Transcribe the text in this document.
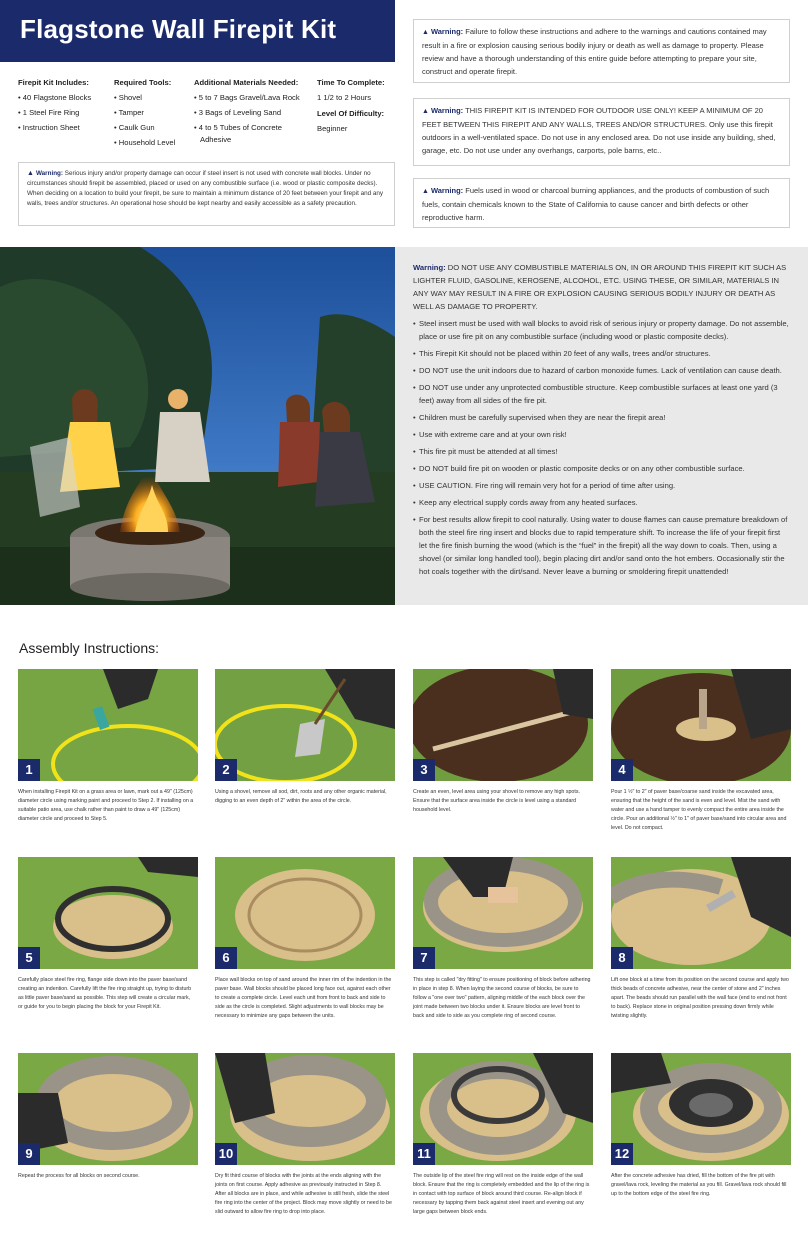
Flagstone Wall Firepit Kit
Firepit Kit Includes:
• 40 Flagstone Blocks
• 1 Steel Fire Ring
• Instruction Sheet
Required Tools:
• Shovel
• Tamper
• Caulk Gun
• Household Level
Additional Materials Needed:
• 5 to 7 Bags Gravel/Lava Rock
• 3 Bags of Leveling Sand
• 4 to 5 Tubes of Concrete
Adhesive
Time To Complete:
1 1/2 to 2 Hours
Level Of Difficulty:
Beginner
▲ Warning: Serious injury and/or property damage can occur if steel insert is not used with concrete wall blocks. Under no circumstances should firepit be assembled, placed or used on any combustible surface (i.e. wood or plastic composite decks). When deciding on a location to build your firepit, be sure to maintain a minimum distance of 20 feet between your firepit and any walls, trees and/or structures. An operational hose should be kept nearby and easily accessible as a safety precaution.
▲ Warning: Failure to follow these instructions and adhere to the warnings and cautions contained may result in a fire or explosion causing serious bodily injury or death as well as damage to property. Please review and have a thorough understanding of this entire guide before attempting to prepare your site, construct and operate firepit.
▲ Warning: THIS FIREPIT KIT IS INTENDED FOR OUTDOOR USE ONLY! KEEP A MINIMUM OF 20 FEET BETWEEN THIS FIREPIT AND ANY WALLS, TREES AND/OR STRUCTURES. Only use this firepit outdoors in a well-ventilated space. Do not use in any enclosed area. Do not use inside any building, shed, garage, etc. Do not use under any overhangs, carports, pole barns, etc..
▲ Warning: Fuels used in wood or charcoal burning appliances, and the products of combustion of such fuels, contain chemicals known to the State of California to cause cancer and birth defects or other reproductive harm.
Warning: DO NOT USE ANY COMBUSTIBLE MATERIALS ON, IN OR AROUND THIS FIREPIT KIT SUCH AS LIGHTER FLUID, GASOLINE, KEROSENE, ALCOHOL, ETC. USING THESE, OR SIMILAR, MATERIALS IN ANY WAY MAY RESULT IN A FIRE OR EXPLOSION CAUSING SERIOUS BODILY INJURY OR DEATH AS WELL AS DAMAGE TO PROPERTY.
• Steel insert must be used with wall blocks to avoid risk of serious injury or property damage. Do not assemble, place or use fire pit on any combustible surface (including wood or plastic composite decks).
• This Firepit Kit should not be placed within 20 feet of any walls, trees and/or structures.
• DO NOT use the unit indoors due to hazard of carbon monoxide fumes. Lack of ventilation can cause death.
• DO NOT use under any unprotected combustible structure. Keep combustible surfaces at least one yard (3 feet) away from all sides of the fire pit.
• Children must be carefully supervised when they are near the firepit area!
• Use with extreme care and at your own risk!
• This fire pit must be attended at all times!
• DO NOT build fire pit on wooden or plastic composite decks or on any other combustible surface.
• USE CAUTION. Fire ring will remain very hot for a period of time after using.
• Keep any electrical supply cords away from any heated surfaces.
• For best results allow firepit to cool naturally. Using water to douse flames can cause premature breakdown of both the steel fire ring insert and blocks due to rapid temperature shift. To increase the life of your firepit first let the fire finish burning the wood (which is the “fuel” in the firepit) all the way down to coals. Then, using a shovel (or similar long handled tool), begin placing dirt and/or sand onto the hot embers. Occasionally stir the hot coals together with the dirt/sand. Never leave a burning or smoldering firepit unattended!
Assembly Instructions:
1
When installing Firepit Kit on a grass area or lawn, mark out a 49" (125cm) diameter circle using marking paint and proceed to Step 2. If installing on a suitable patio area, use chalk rather than paint to draw a 49" (125cm) diameter circle and proceed to Step 5.
2
Using a shovel, remove all sod, dirt, roots and any other organic material, digging to an even depth of 2" within the area of the circle.
3
Create an even, level area using your shovel to remove any high spots. Ensure that the surface area inside the circle is level using a standard household level.
4
Pour 1 ½" to 2" of paver base/coarse sand inside the excavated area, ensuring that the height of the sand is even and level. Mist the sand with water and use a hand tamper to evenly compact the entire area inside the circle. Pour an additional ½" to 1" of paver base/sand into circular area and level. Do not compact.
5
Carefully place steel fire ring, flange side down into the paver base/sand creating an indention. Carefully lift the fire ring straight up, trying to disturb as little paver base/sand as possible. This step will create a circular mark, or guide for you to begin placing the block for your Firepit Kit.
6
Place wall blocks on top of sand around the inner rim of the indention in the paver base. Wall blocks should be placed long face out, against each other to create a complete circle. Level each unit from front to back and side to side as the circle is completed. Slight adjustments to wall blocks may be necessary to minimize any gaps between the units.
7
This step is called "dry fitting" to ensure positioning of block before adhering in place in step 8. When laying the second course of blocks, be sure to follow a "one over two" pattern, aligning middle of the each block over the joint made between two blocks under it. Ensure blocks are level front to back and side to side as you complete ring of second course.
8
Lift one block at a time from its position on the second course and apply two thick beads of concrete adhesive, near the center of stone and 2" inches apart. The beads should run parallel with the wall face (end to end not front to back). Replace stone in original position pressing down firmly while twisting slightly.
9
Repeat the process for all blocks on second course.
10
Dry fit third course of blocks with the joints at the ends aligning with the joints on first course. Apply adhesive as previously instructed in Step 8. After all blocks are in place, and while adhesive is still fresh, slide the steel fire ring into the center of the project. Block may move slightly or need to be slid outward to allow fire ring to drop into place.
11
The outside lip of the steel fire ring will rest on the inside edge of the wall block. Ensure that the ring is completely embedded and the lip of the ring is in contact with top surface of block around third course. Re-align block if necessary by tapping them back against steel insert and evening out any large gaps between block ends.
12
After the concrete adhesive has dried, fill the bottom of the fire pit with gravel/lava rock, leveling the material as you fill. Gravel/lava rock should fill up to the bottom edge of the steel fire ring.
